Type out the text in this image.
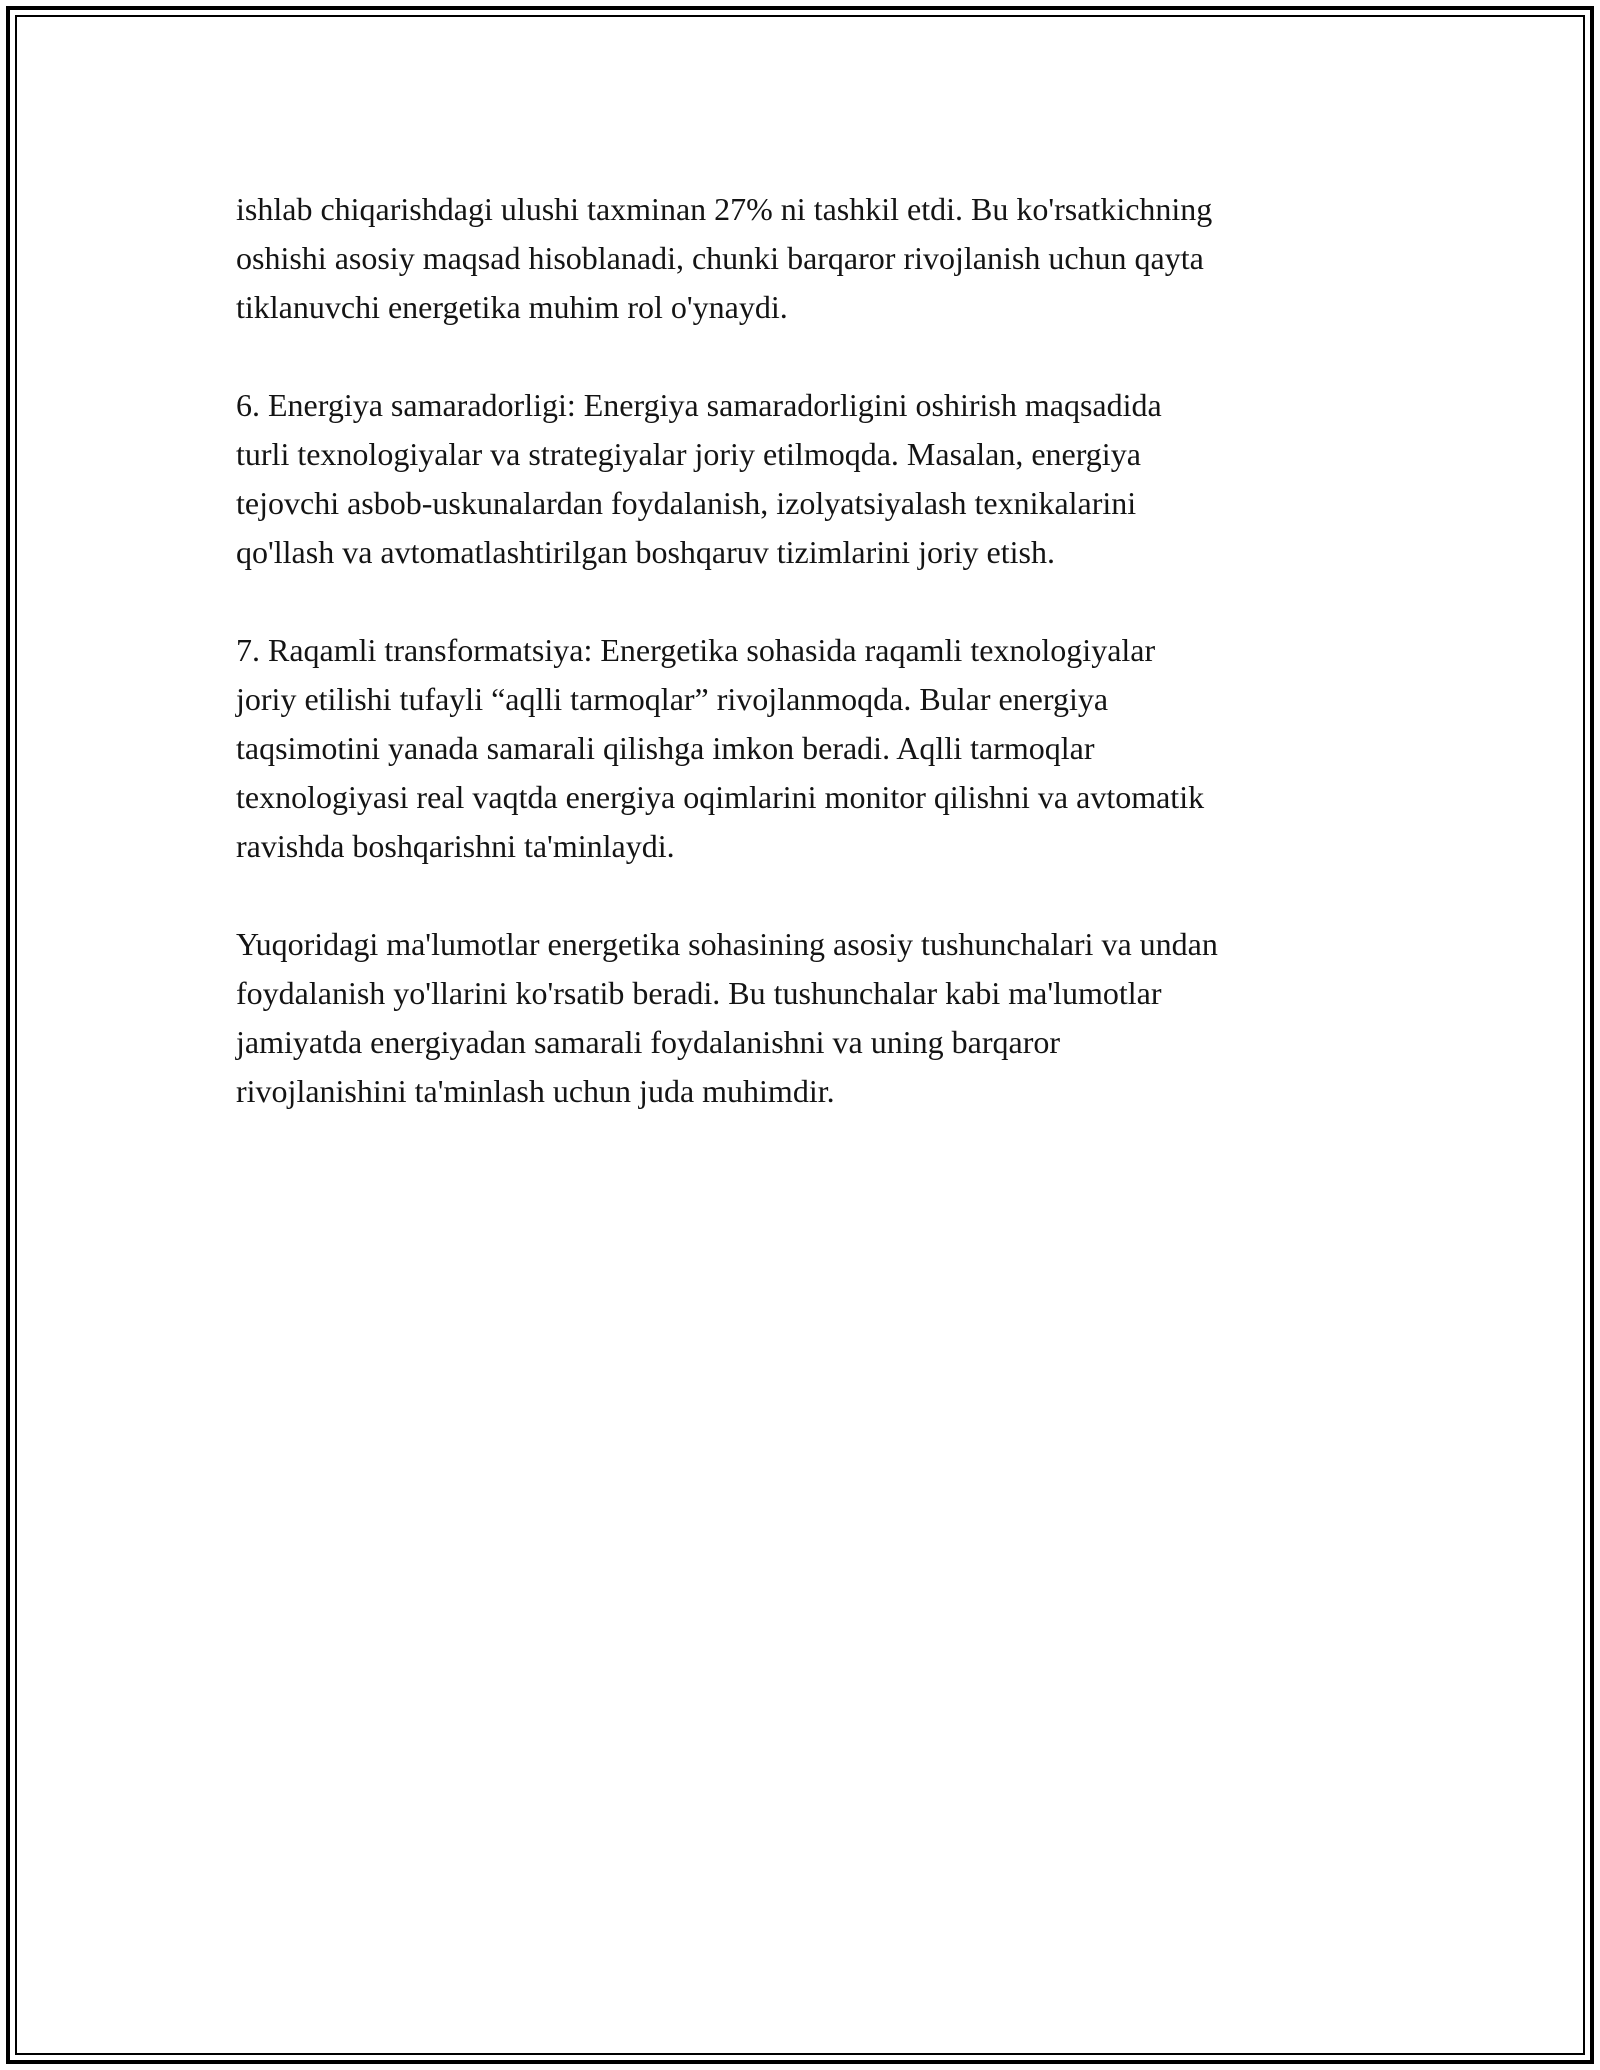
ishlab chiqarishdagi ulushi taxminan 27% ni tashkil etdi. Bu ko'rsatkichning
oshishi asosiy maqsad hisoblanadi, chunki barqaror rivojlanish uchun qayta
tiklanuvchi energetika muhim rol o'ynaydi.

6. Energiya samaradorligi: Energiya samaradorligini oshirish maqsadida
turli texnologiyalar va strategiyalar joriy etilmoqda. Masalan, energiya
tejovchi asbob-uskunalardan foydalanish, izolyatsiyalash texnikalarini
qo'llash va avtomatlashtirilgan boshqaruv tizimlarini joriy etish.

7. Raqamli transformatsiya: Energetika sohasida raqamli texnologiyalar
joriy etilishi tufayli “aqlli tarmoqlar” rivojlanmoqda. Bular energiya
taqsimotini yanada samarali qilishga imkon beradi. Aqlli tarmoqlar
texnologiyasi real vaqtda energiya oqimlarini monitor qilishni va avtomatik
ravishda boshqarishni ta'minlaydi.

Yuqoridagi ma'lumotlar energetika sohasining asosiy tushunchalari va undan
foydalanish yo'llarini ko'rsatib beradi. Bu tushunchalar kabi ma'lumotlar
jamiyatda energiyadan samarali foydalanishni va uning barqaror
rivojlanishini ta'minlash uchun juda muhimdir.
